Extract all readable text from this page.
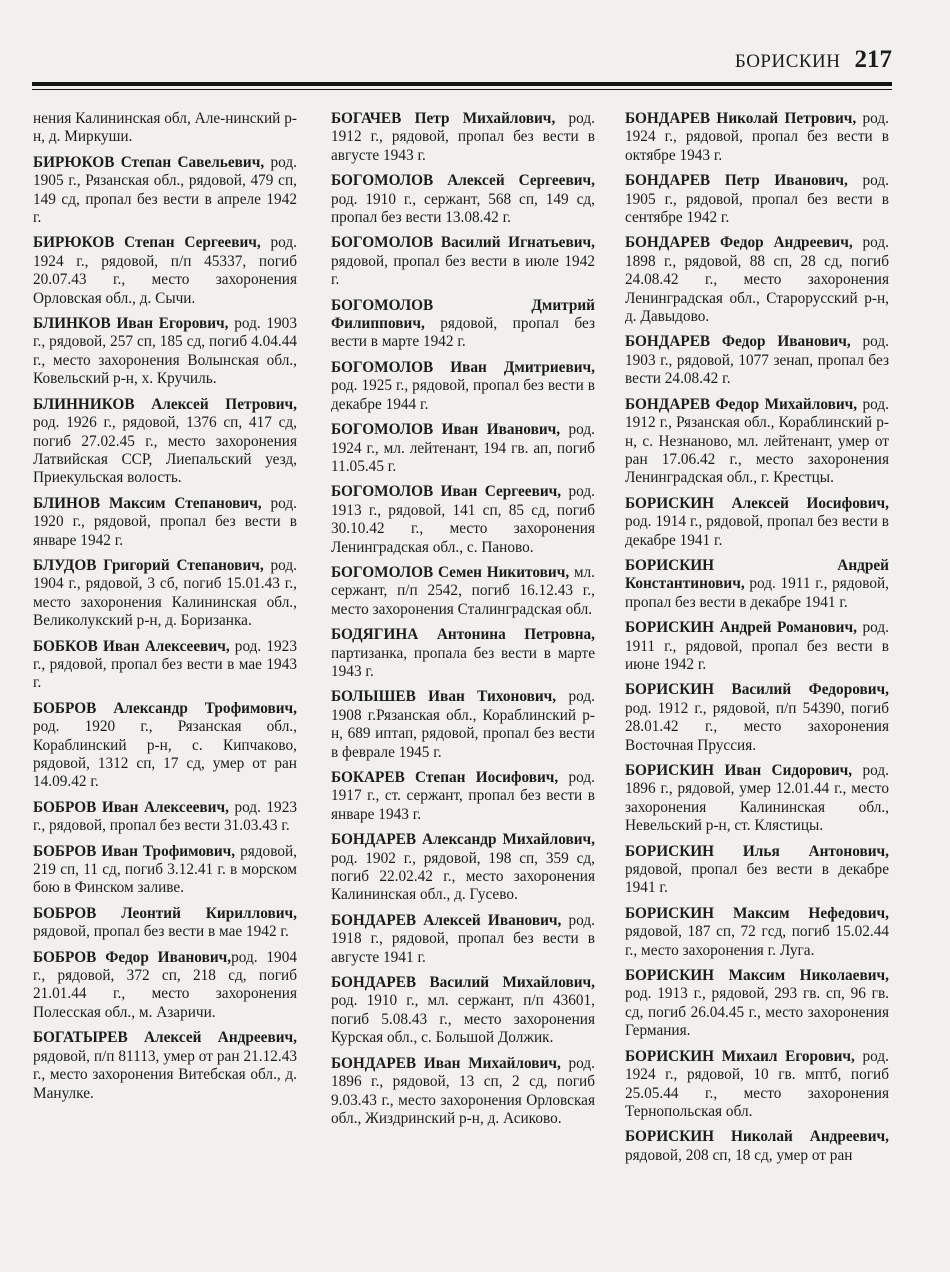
БОРИСКИН 217

нения Калининская обл, Але-нинский р-н, д. Миркуши.

БИРЮКОВ Степан Савельевич, род. 1905 г., Рязанская обл., рядовой, 479 сп, 149 сд, пропал без вести в апреле 1942 г.

БИРЮКОВ Степан Сергеевич, род. 1924 г., рядовой, п/п 45337, погиб 20.07.43 г., место захоронения Орловская обл., д. Сычи.

БЛИНКОВ Иван Егорович, род. 1903 г., рядовой, 257 сп, 185 сд, погиб 4.04.44 г., место захоронения Волынская обл., Ковельский р-н, х. Кручиль.

БЛИННИКОВ Алексей Петрович, род. 1926 г., рядовой, 1376 сп, 417 сд, погиб 27.02.45 г., место захоронения Латвийская ССР, Лиепальский уезд, Приекульская волость.

БЛИНОВ Максим Степанович, род. 1920 г., рядовой, пропал без вести в январе 1942 г.

БЛУДОВ Григорий Степанович, род. 1904 г., рядовой, 3 сб, погиб 15.01.43 г., место захоронения Калининская обл., Великолукский р-н, д. Боризанка.

БОБКОВ Иван Алексеевич, род. 1923 г., рядовой, пропал без вести в мае 1943 г.

БОБРОВ Александр Трофимович, род. 1920 г., Рязанская обл., Кораблинский р-н, с. Кипчаково, рядовой, 1312 сп, 17 сд, умер от ран 14.09.42 г.

БОБРОВ Иван Алексеевич, род. 1923 г., рядовой, пропал без вести 31.03.43 г.

БОБРОВ Иван Трофимович, рядовой, 219 сп, 11 сд, погиб 3.12.41 г. в морском бою в Финском заливе.

БОБРОВ Леонтий Кириллович, рядовой, пропал без вести в мае 1942 г.

БОБРОВ Федор Иванович,род. 1904 г., рядовой, 372 сп, 218 сд, погиб 21.01.44 г., место захоронения Полесская обл., м. Азаричи.

БОГАТЫРЕВ Алексей Андреевич, рядовой, п/п 81113, умер от ран 21.12.43 г., место захоронения Витебская обл., д. Манулке.

БОГАЧЕВ Петр Михайлович, род. 1912 г., рядовой, пропал без вести в августе 1943 г.

БОГОМОЛОВ Алексей Сергеевич, род. 1910 г., сержант, 568 сп, 149 сд, пропал без вести 13.08.42 г.

БОГОМОЛОВ Василий Игнатьевич, рядовой, пропал без вести в июле 1942 г.

БОГОМОЛОВ Дмитрий Филиппович, рядовой, пропал без вести в марте 1942 г.

БОГОМОЛОВ Иван Дмитриевич, род. 1925 г., рядовой, пропал без вести в декабре 1944 г.

БОГОМОЛОВ Иван Иванович, род. 1924 г., мл. лейтенант, 194 гв. ап, погиб 11.05.45 г.

БОГОМОЛОВ Иван Сергеевич, род. 1913 г., рядовой, 141 сп, 85 сд, погиб 30.10.42 г., место захоронения Ленинградская обл., с. Паново.

БОГОМОЛОВ Семен Никитович, мл. сержант, п/п 2542, погиб 16.12.43 г., место захоронения Сталинградская обл.

БОДЯГИНА Антонина Петровна, партизанка, пропала без вести в марте 1943 г.

БОЛЫШЕВ Иван Тихонович, род. 1908 г.Рязанская обл., Кораблинский р-н, 689 иптап, рядовой, пропал без вести в феврале 1945 г.

БОКАРЕВ Степан Иосифович, род. 1917 г., ст. сержант, пропал без вести в январе 1943 г.

БОНДАРЕВ Александр Михайлович, род. 1902 г., рядовой, 198 сп, 359 сд, погиб 22.02.42 г., место захоронения Калининская обл., д. Гусево.

БОНДАРЕВ Алексей Иванович, род. 1918 г., рядовой, пропал без вести в августе 1941 г.

БОНДАРЕВ Василий Михайлович, род. 1910 г., мл. сержант, п/п 43601, погиб 5.08.43 г., место захоронения Курская обл., с. Большой Должик.

БОНДАРЕВ Иван Михайлович, род. 1896 г., рядовой, 13 сп, 2 сд, погиб 9.03.43 г., место захоронения Орловская обл., Жиздринский р-н, д. Асиково.

БОНДАРЕВ Николай Петрович, род. 1924 г., рядовой, пропал без вести в октябре 1943 г.

БОНДАРЕВ Петр Иванович, род. 1905 г., рядовой, пропал без вести в сентябре 1942 г.

БОНДАРЕВ Федор Андреевич, род. 1898 г., рядовой, 88 сп, 28 сд, погиб 24.08.42 г., место захоронения Ленинградская обл., Старорусский р-н, д. Давыдово.

БОНДАРЕВ Федор Иванович, род. 1903 г., рядовой, 1077 зенап, пропал без вести 24.08.42 г.

БОНДАРЕВ Федор Михайлович, род. 1912 г., Рязанская обл., Кораблинский р-н, с. Незнаново, мл. лейтенант, умер от ран 17.06.42 г., место захоронения Ленинградская обл., г. Крестцы.

БОРИСКИН Алексей Иосифович, род. 1914 г., рядовой, пропал без вести в декабре 1941 г.

БОРИСКИН Андрей Константинович, род. 1911 г., рядовой, пропал без вести в декабре 1941 г.

БОРИСКИН Андрей Романович, род. 1911 г., рядовой, пропал без вести в июне 1942 г.

БОРИСКИН Василий Федорович, род. 1912 г., рядовой, п/п 54390, погиб 28.01.42 г., место захоронения Восточная Пруссия.

БОРИСКИН Иван Сидорович, род. 1896 г., рядовой, умер 12.01.44 г., место захоронения Калининская обл., Невельский р-н, ст. Клястицы.

БОРИСКИН Илья Антонович, рядовой, пропал без вести в декабре 1941 г.

БОРИСКИН Максим Нефедович, рядовой, 187 сп, 72 гсд, погиб 15.02.44 г., место захоронения г. Луга.

БОРИСКИН Максим Николаевич, род. 1913 г., рядовой, 293 гв. сп, 96 гв. сд, погиб 26.04.45 г., место захоронения Германия.

БОРИСКИН Михаил Егорович, род. 1924 г., рядовой, 10 гв. мптб, погиб 25.05.44 г., место захоронения Тернопольская обл.

БОРИСКИН Николай Андреевич, рядовой, 208 сп, 18 сд, умер от ран
